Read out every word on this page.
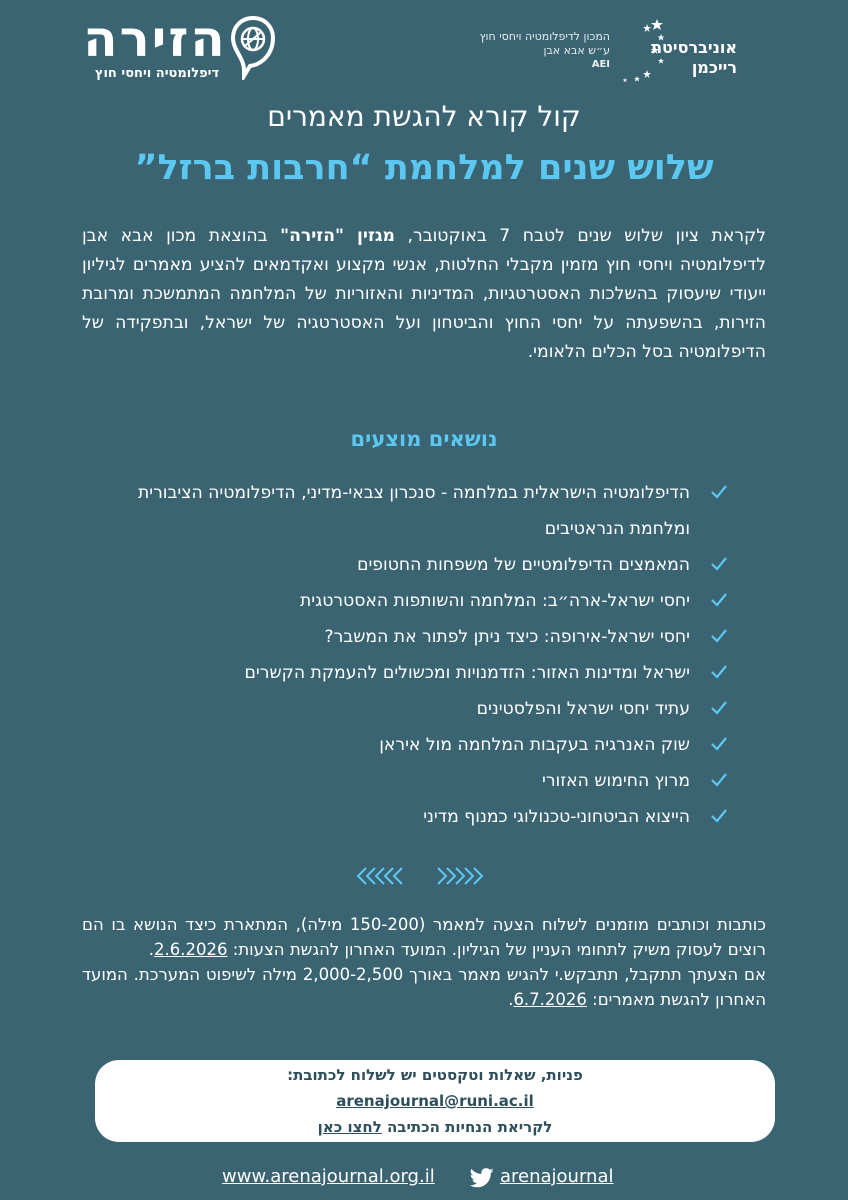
אוניברסיטת רייכמן
המכון לדיפלומטיה ויחסי חוץ
ע״ש אבא אבן
AEI
הזירה
דיפלומטיה ויחסי חוץ
קול קורא להגשת מאמרים
שלוש שנים למלחמת “חרבות ברזל”
לקראת ציון שלוש שנים לטבח 7 באוקטובר, מגזין "הזירה" בהוצאת מכון אבא אבן לדיפלומטיה ויחסי חוץ מזמין מקבלי החלטות, אנשי מקצוע ואקדמאים להציע מאמרים לגיליון ייעודי שיעסוק בהשלכות האסטרטגיות, המדיניות והאזוריות של המלחמה המתמשכת ומרובת הזירות, בהשפעתה על יחסי החוץ והביטחון ועל האסטרטגיה של ישראל, ובתפקידה של הדיפלומטיה בסל הכלים הלאומי.
נושאים מוצעים
הדיפלומטיה הישראלית במלחמה - סנכרון צבאי-מדיני, הדיפלומטיה הציבורית ומלחמת הנראטיבים
המאמצים הדיפלומטיים של משפחות החטופים
יחסי ישראל-ארה״ב: המלחמה והשותפות האסטרטגית
יחסי ישראל-אירופה: כיצד ניתן לפתור את המשבר?
ישראל ומדינות האזור: הזדמנויות ומכשולים להעמקת הקשרים
עתיד יחסי ישראל והפלסטינים
שוק האנרגיה בעקבות המלחמה מול איראן
מרוץ החימוש האזורי
הייצוא הביטחוני-טכנולוגי כמנוף מדיני

כותבות וכותבים מוזמנים לשלוח הצעה למאמר (150-200 מילה), המתארת כיצד הנושא בו הם רוצים לעסוק משיק לתחומי העניין של הגיליון. המועד האחרון להגשת הצעות: 2.6.2026.

אם הצעתך תתקבל, תתבקש.י להגיש מאמר באורך 2,000-2,500 מילה לשיפוט המערכת. המועד האחרון להגשת מאמרים: 6.7.2026.

פניות, שאלות וטקסטים יש לשלוח לכתובת:
arenajournal@runi.ac.il
לקריאת הנחיות הכתיבה לחצו כאן
www.arenajournal.org.il	arenajournal
